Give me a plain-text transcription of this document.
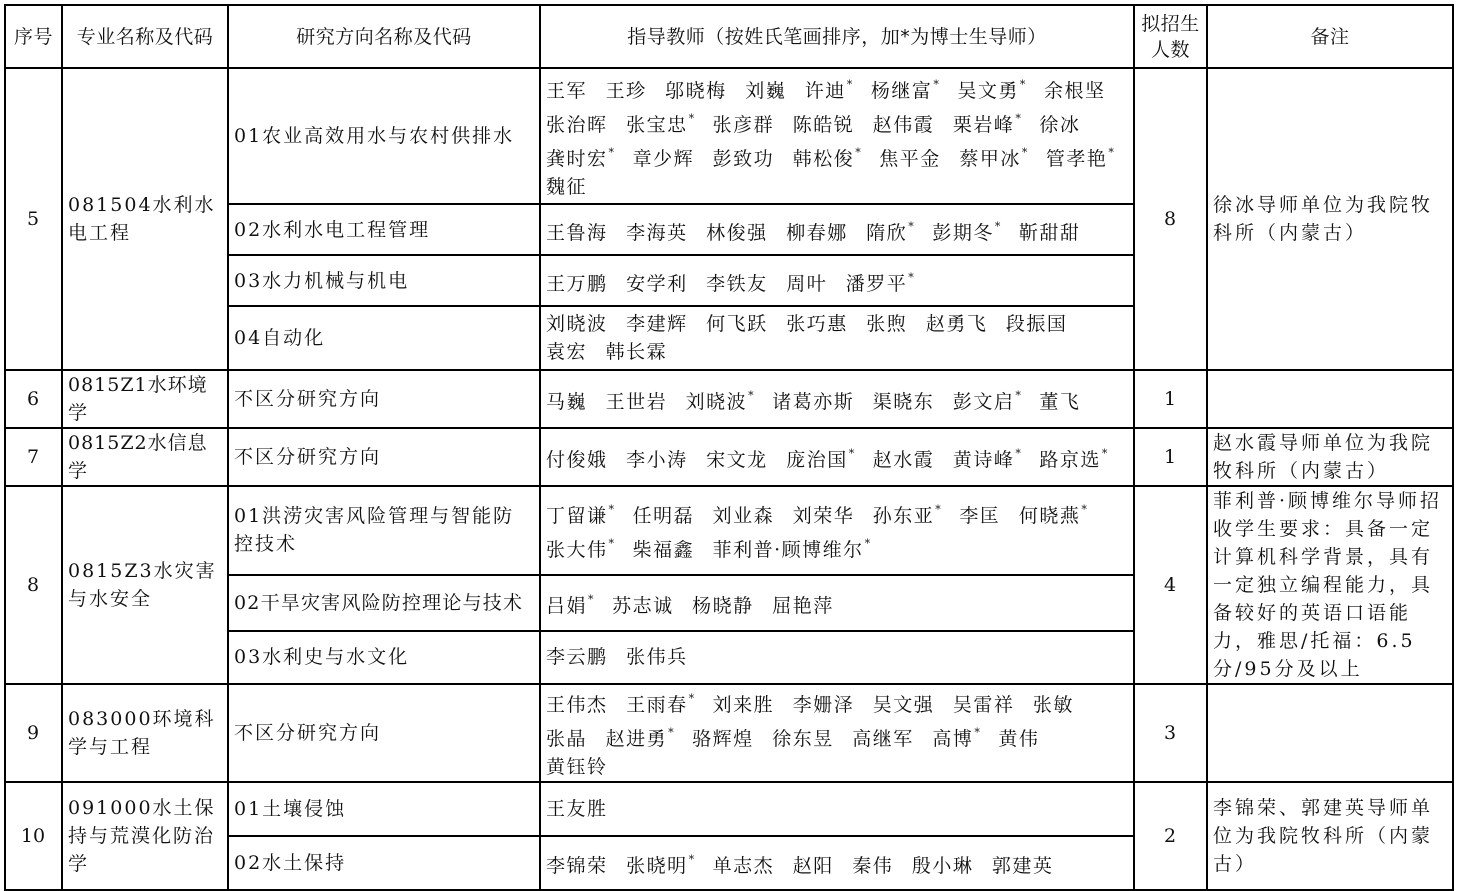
序号	专业名称及代码	研究方向名称及代码	指导教师（按姓氏笔画排序，加*为博士生导师）	拟招生人数	备注
5	081504水利水电工程	01农业高效用水与农村供排水	王军 王珍 邬晓梅 刘巍 许迪* 杨继富* 吴文勇* 余根坚 张治晖 张宝忠* 张彦群 陈皓锐 赵伟霞 栗岩峰* 徐冰 龚时宏* 章少辉 彭致功 韩松俊* 焦平金 蔡甲冰* 管孝艳* 魏征	8	徐冰导师单位为我院牧科所（内蒙古）
		02水利水电工程管理	王鲁海 李海英 林俊强 柳春娜 隋欣* 彭期冬* 靳甜甜		
		03水力机械与机电	王万鹏 安学利 李铁友 周叶 潘罗平*
		04自动化	刘晓波 李建辉 何飞跃 张巧惠 张煦 赵勇飞 段振国 袁宏 韩长霖		
6	0815Z1水环境学	不区分研究方向	马巍 王世岩 刘晓波* 诸葛亦斯 渠晓东 彭文启* 董飞	1	
7	0815Z2水信息学	不区分研究方向	付俊娥 李小涛 宋文龙 庞治国* 赵水霞 黄诗峰* 路京选*	1	赵水霞导师单位为我院牧科所（内蒙古）
8	0815Z3水灾害与水安全	01洪涝灾害风险管理与智能防控技术	丁留谦* 任明磊 刘业森 刘荣华 孙东亚* 李匡 何晓燕* 张大伟* 柴福鑫 菲利普·顾博维尔*	4	菲利普·顾博维尔导师招收学生要求：具备一定计算机科学背景，具有一定独立编程能力，具备较好的英语口语能力，雅思/托福：6.5分/95分及以上
		02干旱灾害风险防控理论与技术	吕娟* 苏志诚 杨晓静 屈艳萍		
		03水利史与水文化	李云鹏 张伟兵		
9	083000环境科学与工程	不区分研究方向	王伟杰 王雨春* 刘来胜 李姗泽 吴文强 吴雷祥 张敏 张晶 赵进勇* 骆辉煌 徐东昱 高继军 高博* 黄伟 黄钰铃	3	
10	091000水土保持与荒漠化防治学	01土壤侵蚀	王友胜	2	李锦荣、郭建英导师单位为我院牧科所（内蒙古）
		02水土保持	李锦荣 张晓明* 单志杰 赵阳 秦伟 殷小琳 郭建英		
